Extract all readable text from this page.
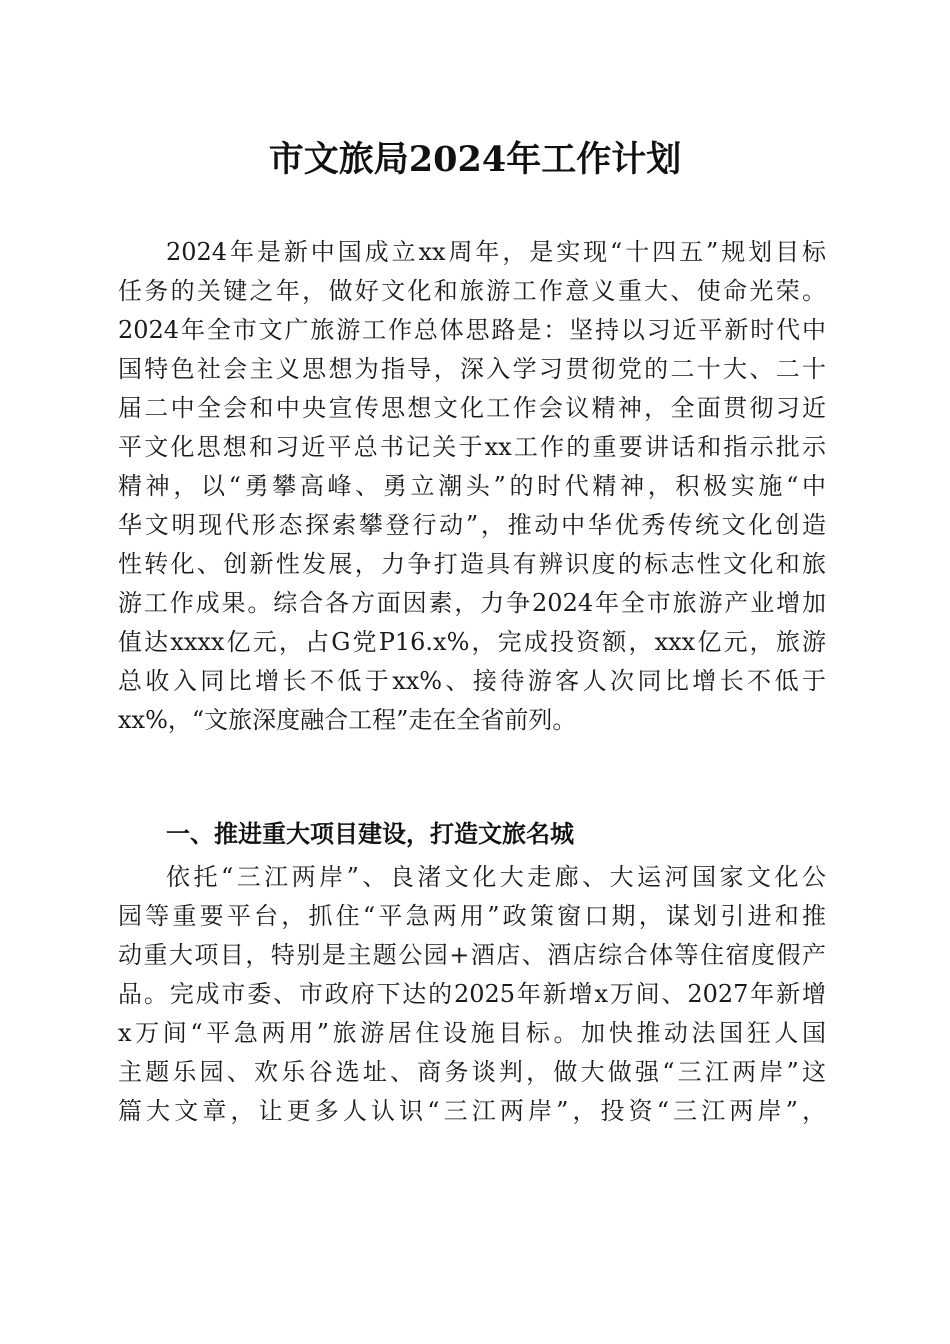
市文旅局2024年工作计划
2024年是新中国成立xx周年，是实现“十四五”规划目标
任务的关键之年，做好文化和旅游工作意义重大、使命光荣。
2024年全市文广旅游工作总体思路是：坚持以习近平新时代中
国特色社会主义思想为指导，深入学习贯彻党的二十大、二十
届二中全会和中央宣传思想文化工作会议精神，全面贯彻习近
平文化思想和习近平总书记关于xx工作的重要讲话和指示批示
精神，以“勇攀高峰、勇立潮头”的时代精神，积极实施“中
华文明现代形态探索攀登行动”，推动中华优秀传统文化创造
性转化、创新性发展，力争打造具有辨识度的标志性文化和旅
游工作成果。综合各方面因素，力争2024年全市旅游产业增加
值达xxxx亿元，占G党P16.x%，完成投资额，xxx亿元，旅游
总收入同比增长不低于xx%、接待游客人次同比增长不低于
xx%，“文旅深度融合工程”走在全省前列。
一、推进重大项目建设，打造文旅名城
依托“三江两岸”、良渚文化大走廊、大运河国家文化公
园等重要平台，抓住“平急两用”政策窗口期，谋划引进和推
动重大项目，特别是主题公园+酒店、酒店综合体等住宿度假产
品。完成市委、市政府下达的2025年新增x万间、2027年新增
x万间“平急两用”旅游居住设施目标。加快推动法国狂人国
主题乐园、欢乐谷选址、商务谈判，做大做强“三江两岸”这
篇大文章，让更多人认识“三江两岸”，投资“三江两岸”，
